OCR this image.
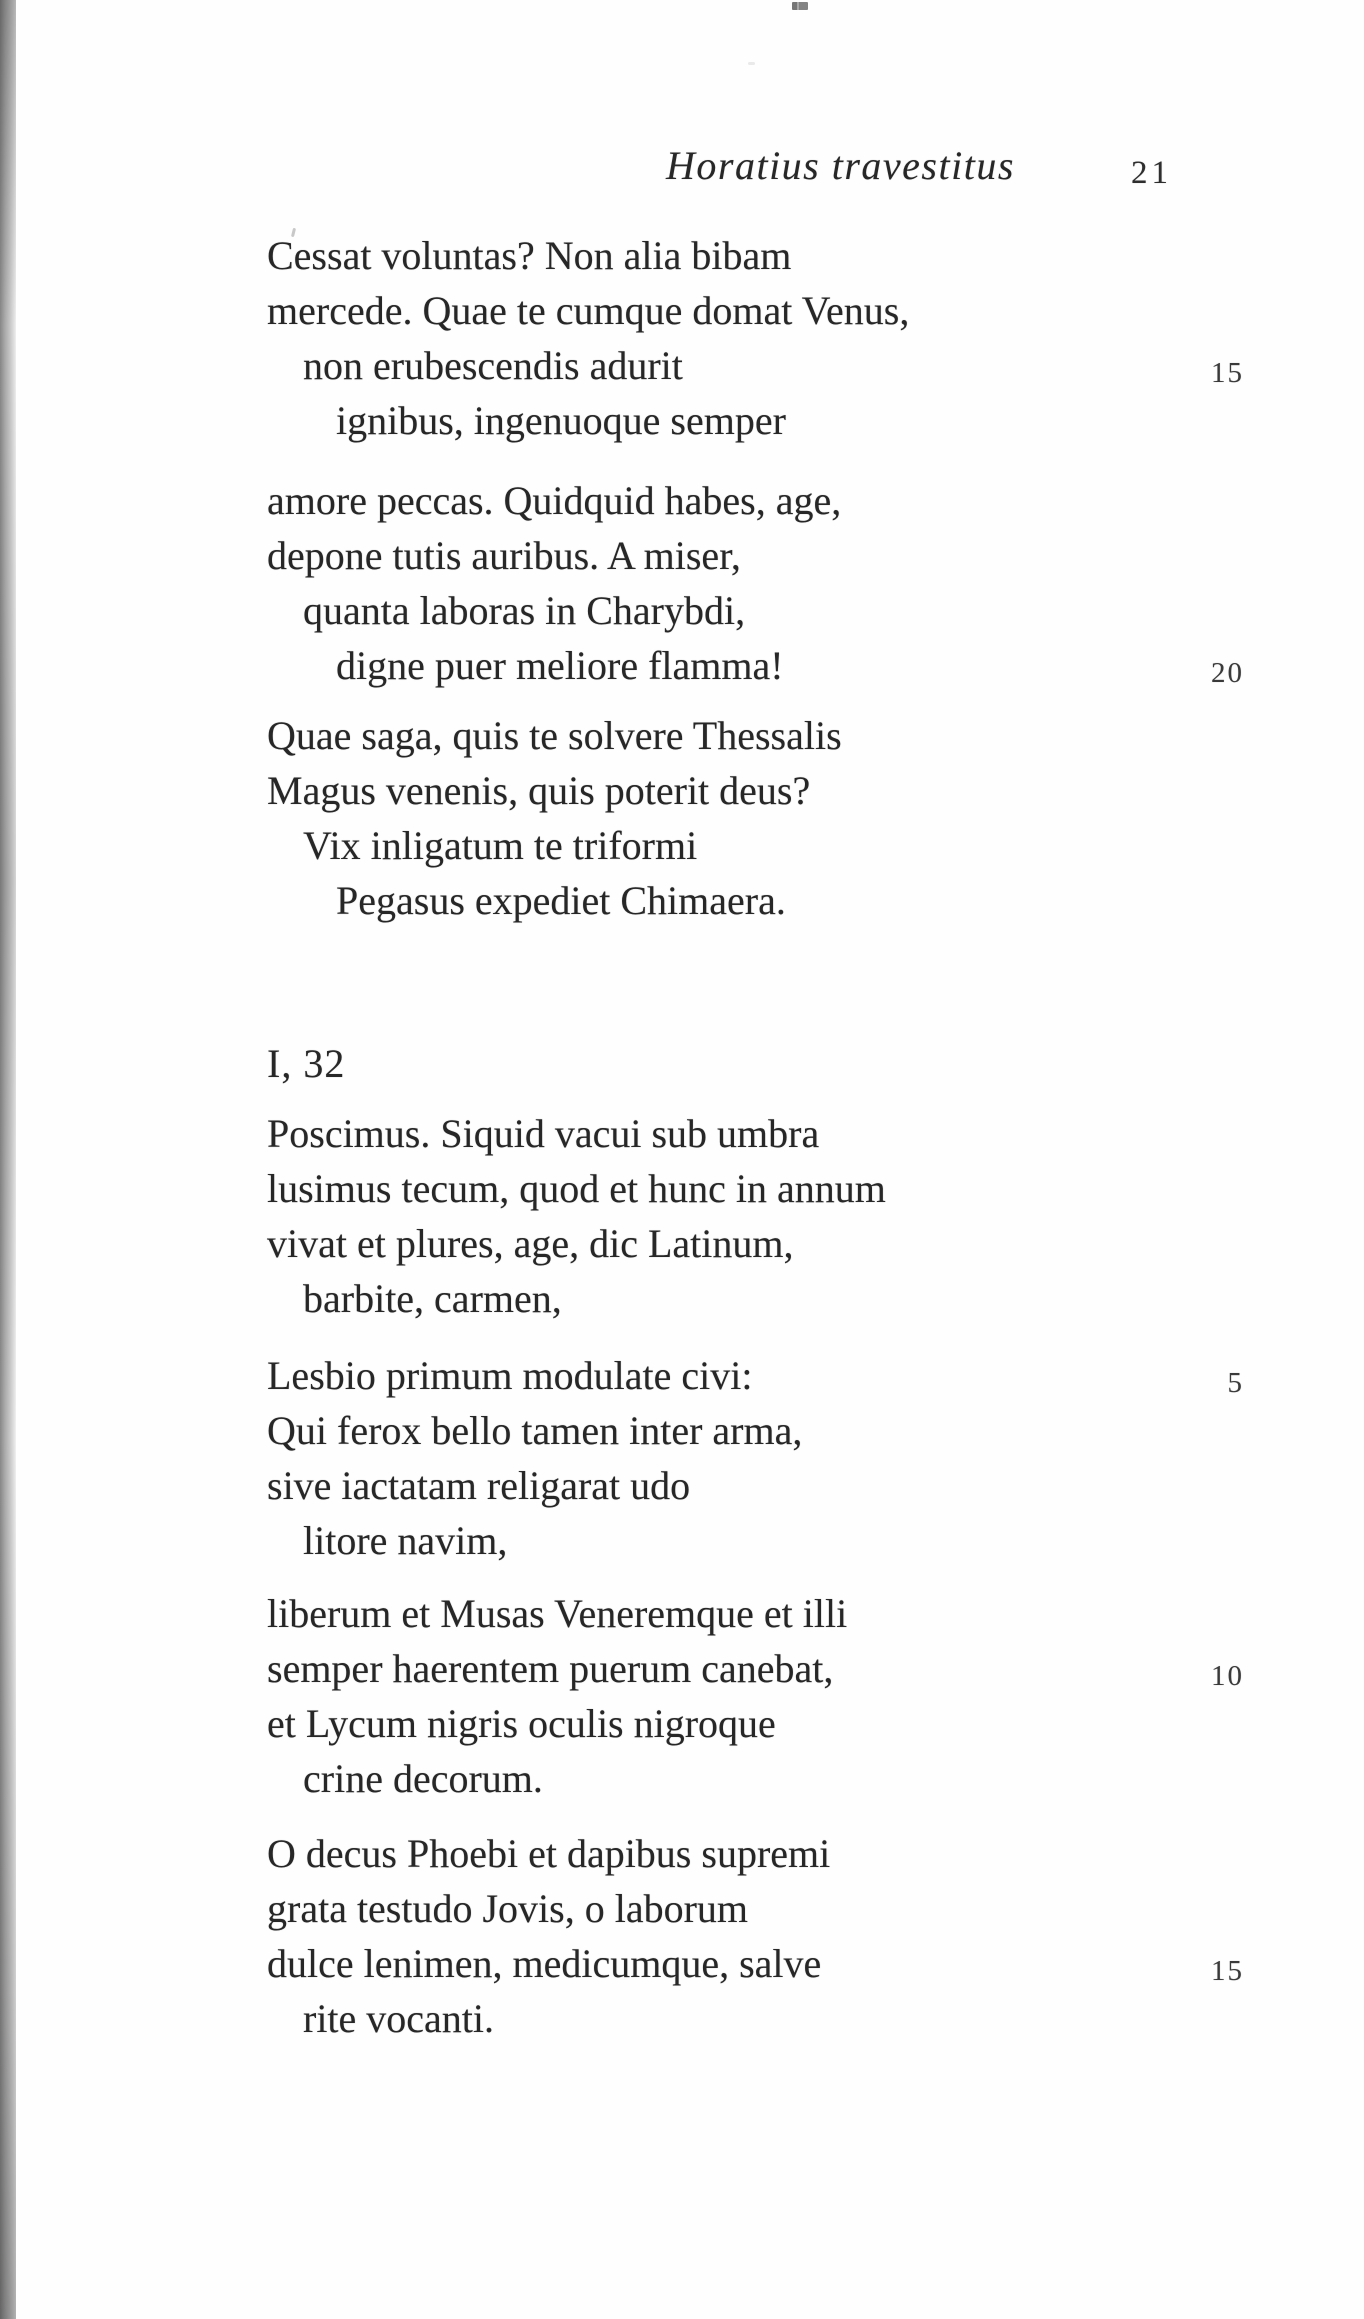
Horatius travestitus	21
Cessat voluntas? Non alia bibam
mercede. Quae te cumque domat Venus,
non erubescendis adurit	15
ignibus, ingenuoque semper
amore peccas. Quidquid habes, age,
depone tutis auribus. A miser,
quanta laboras in Charybdi,
digne puer meliore flamma!	20
Quae saga, quis te solvere Thessalis
Magus venenis, quis poterit deus?
Vix inligatum te triformi
Pegasus expediet Chimaera.
I, 32
Poscimus. Siquid vacui sub umbra
lusimus tecum, quod et hunc in annum
vivat et plures, age, dic Latinum,
barbite, carmen,
Lesbio primum modulate civi:	5
Qui ferox bello tamen inter arma,
sive iactatam religarat udo
litore navim,
liberum et Musas Veneremque et illi
semper haerentem puerum canebat,	10
et Lycum nigris oculis nigroque
crine decorum.
O decus Phoebi et dapibus supremi
grata testudo Jovis, o laborum
dulce lenimen, medicumque, salve	15
rite vocanti.
